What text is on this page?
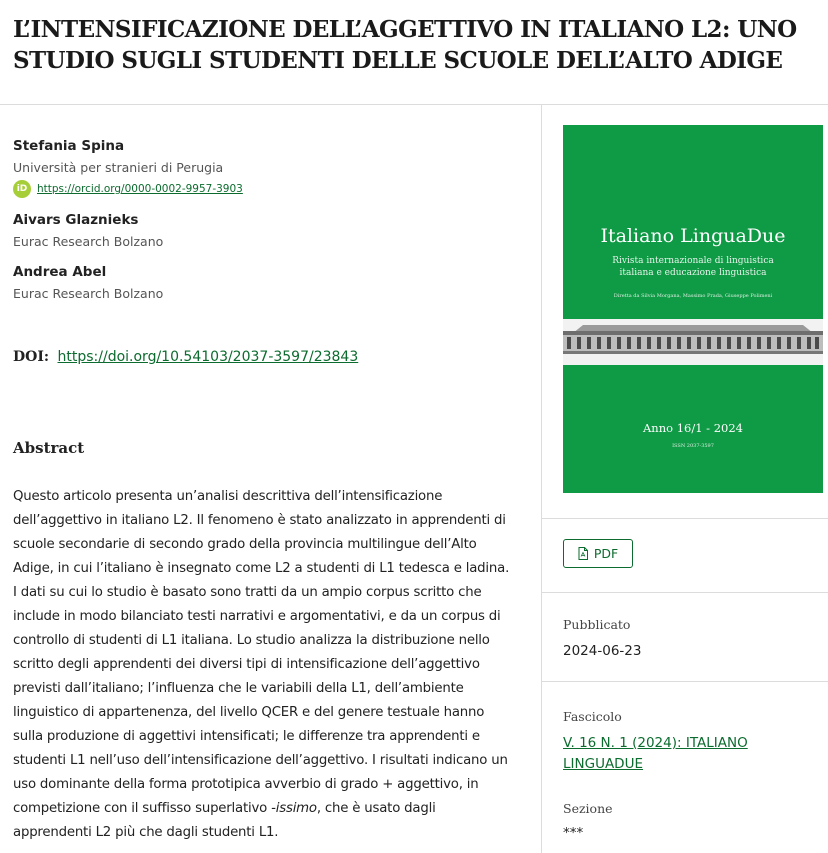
L’INTENSIFICAZIONE DELL’AGGETTIVO IN ITALIANO L2: UNO STUDIO SUGLI STUDENTI DELLE SCUOLE DELL’ALTO ADIGE
Stefania Spina
Università per stranieri di Perugia
iD https://orcid.org/0000-0002-9957-3903
Aivars Glaznieks
Eurac Research Bolzano
Andrea Abel
Eurac Research Bolzano
DOI: https://doi.org/10.54103/2037-3597/23843
Abstract

Questo articolo presenta un’analisi descrittiva dell’intensificazione dell’aggettivo in italiano L2. Il fenomeno è stato analizzato in apprendenti di scuole secondarie di secondo grado della provincia multilingue dell’Alto Adige, in cui l’italiano è insegnato come L2 a studenti di L1 tedesca e ladina. I dati su cui lo studio è basato sono tratti da un ampio corpus scritto che include in modo bilanciato testi narrativi e argomentativi, e da un corpus di controllo di studenti di L1 italiana. Lo studio analizza la distribuzione nello scritto degli apprendenti dei diversi tipi di intensificazione dell’aggettivo previsti dall’italiano; l’influenza che le variabili della L1, dell’ambiente linguistico di appartenenza, del livello QCER e del genere testuale hanno sulla produzione di aggettivi intensificati; le differenze tra apprendenti e studenti L1 nell’uso dell’intensificazione dell’aggettivo. I risultati indicano un uso dominante della forma prototipica avverbio di grado + aggettivo, in competizione con il suffisso superlativo -issimo, che è usato dagli apprendenti L2 più che dagli studenti L1.

Italiano LinguaDue
Rivista internazionale di linguistica
italiana e educazione linguistica
Diretta da Silvia Morgana, Massimo Prada, Giuseppe Polimeni
Anno 16/1 - 2024
ISSN 2037-3597
PDF
Pubblicato
2024-06-23
Fascicolo
V. 16 N. 1 (2024): ITALIANO LINGUADUE
Sezione
***
